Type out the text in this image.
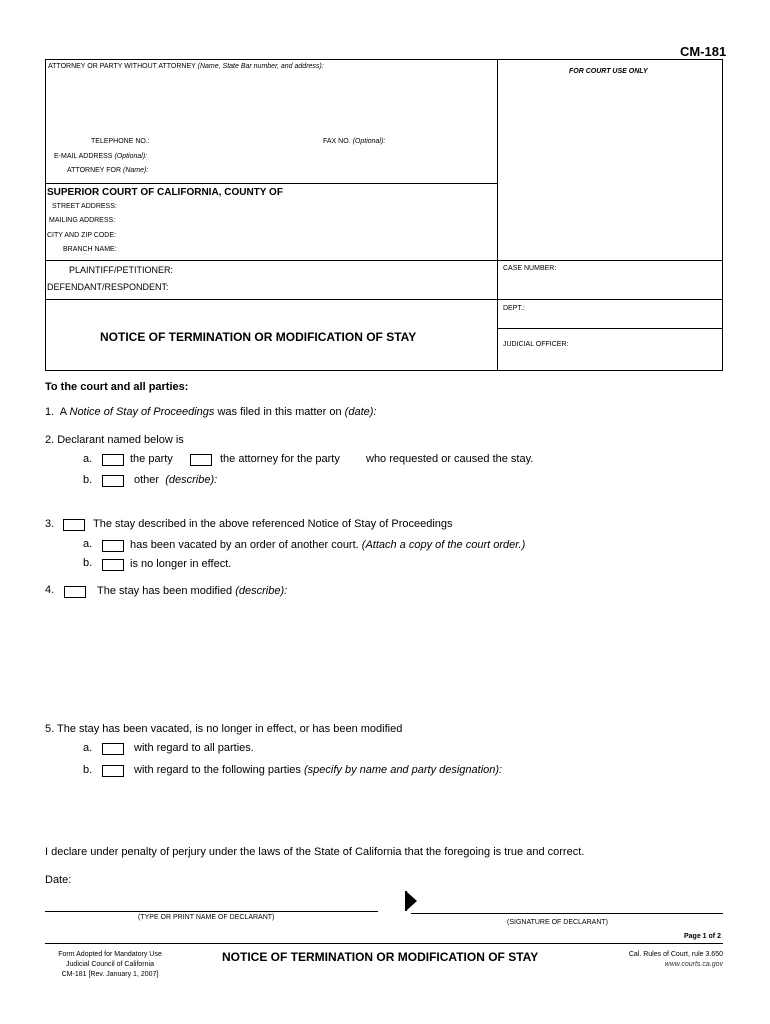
CM-181
ATTORNEY OR PARTY WITHOUT ATTORNEY (Name, State Bar number, and address):
FOR COURT USE ONLY
TELEPHONE NO.:	FAX NO. (Optional):
E-MAIL ADDRESS (Optional):
ATTORNEY FOR (Name):
SUPERIOR COURT OF CALIFORNIA, COUNTY OF
STREET ADDRESS:
MAILING ADDRESS:
CITY AND ZIP CODE:
BRANCH NAME:
PLAINTIFF/PETITIONER:
DEFENDANT/RESPONDENT:
CASE NUMBER:
DEPT.:
JUDICIAL OFFICER:
NOTICE OF TERMINATION OR MODIFICATION OF STAY
To the court and all parties:
1. A Notice of Stay of Proceedings was filed in this matter on (date):
2. Declarant named below is
a.	the party	the attorney for the party who requested or caused the stay.
b.	other (describe):
3.	The stay described in the above referenced Notice of Stay of Proceedings
a.	has been vacated by an order of another court. (Attach a copy of the court order.)
b.	is no longer in effect.
4.	The stay has been modified (describe):
5. The stay has been vacated, is no longer in effect, or has been modified
a.	with regard to all parties.
b.	with regard to the following parties (specify by name and party designation):
I declare under penalty of perjury under the laws of the State of California that the foregoing is true and correct.
Date:
(TYPE OR PRINT NAME OF DECLARANT)
(SIGNATURE OF DECLARANT)
Page 1 of 2
Form Adopted for Mandatory Use
Judicial Council of California
CM-181 [Rev. January 1, 2007]
NOTICE OF TERMINATION OR MODIFICATION OF STAY	Cal. Rules of Court, rule 3.650
www.courts.ca.gov
